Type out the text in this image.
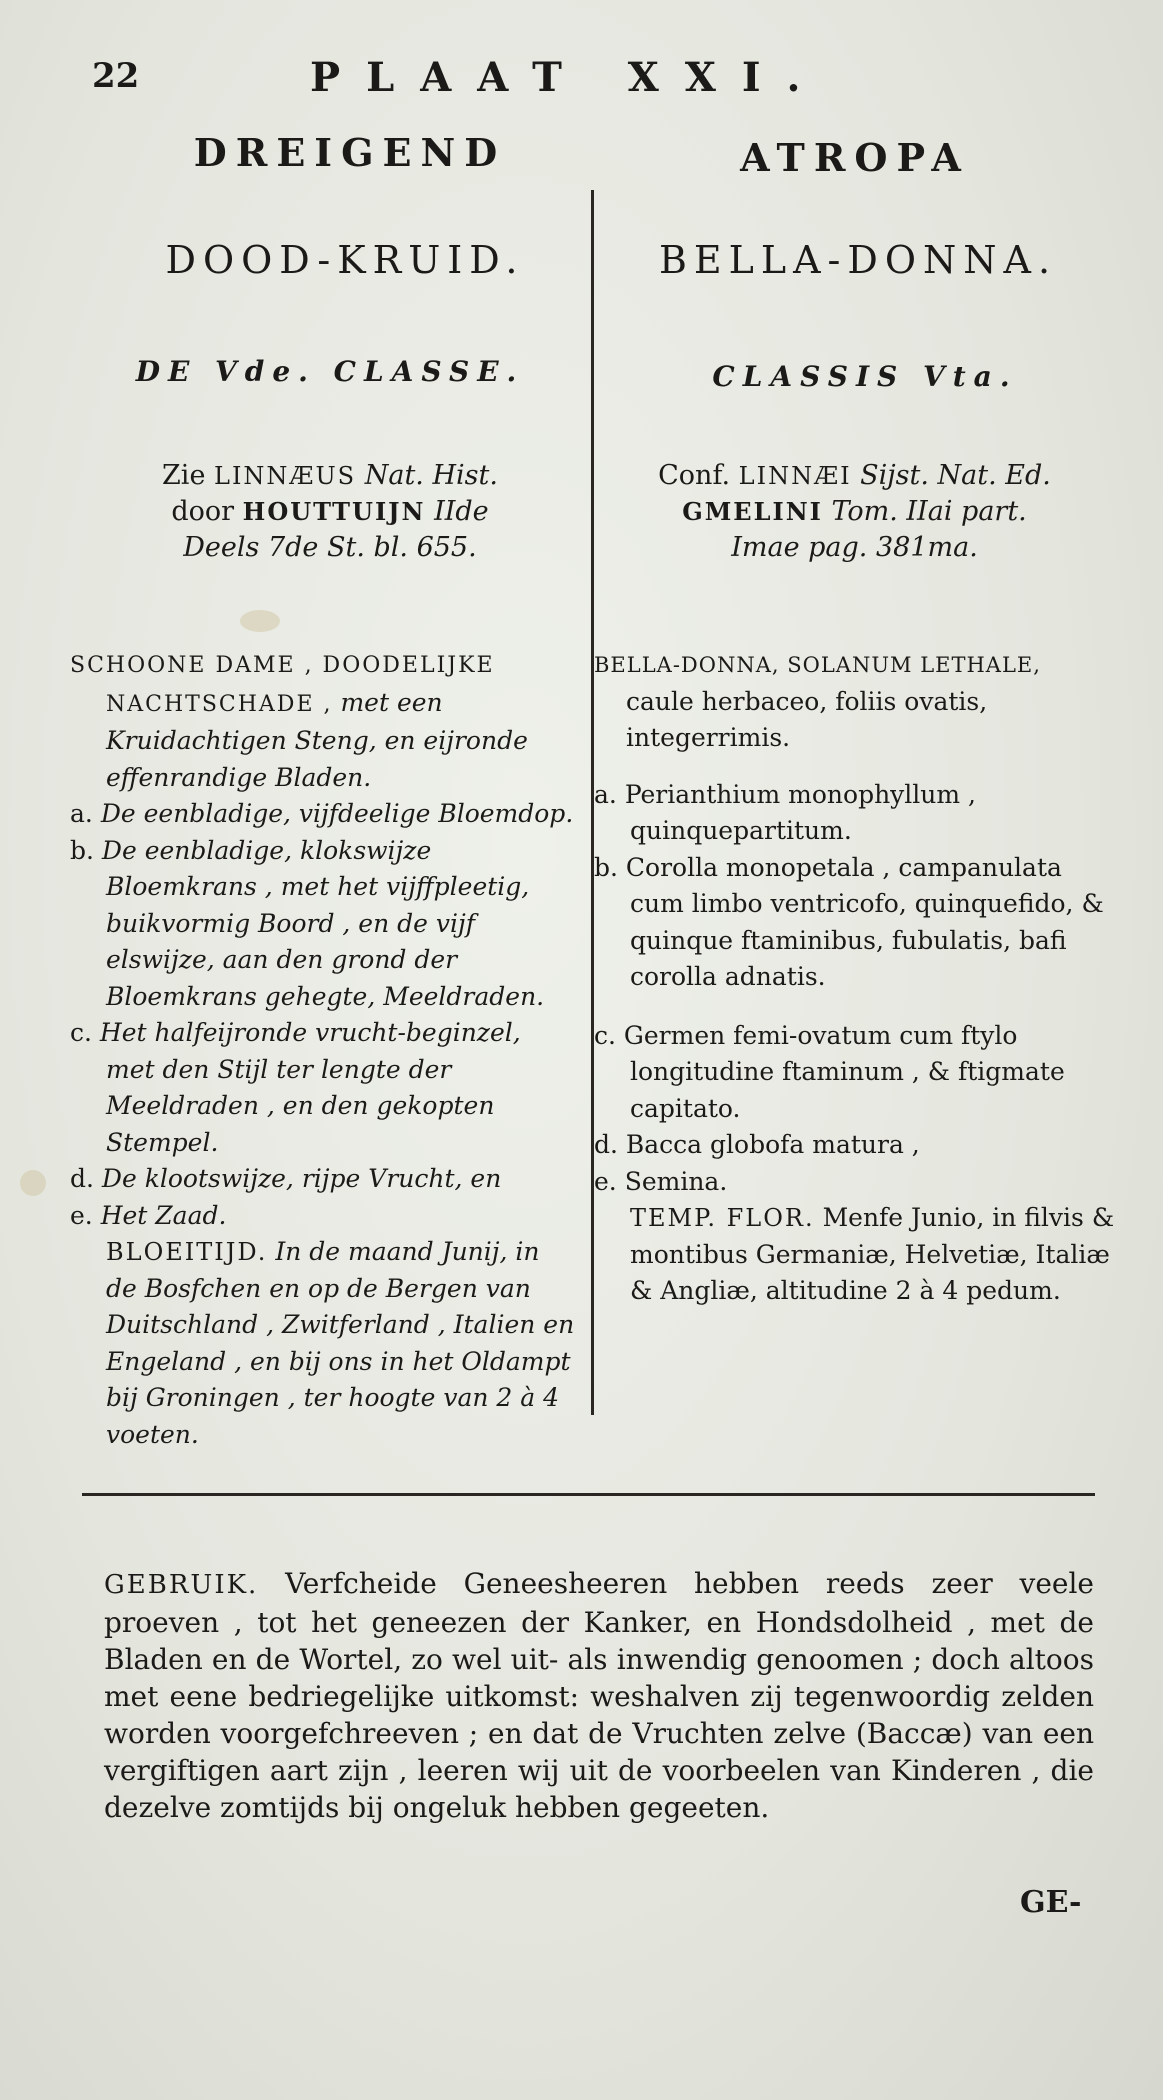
22	PLAAT XXI.
DREIGEND	ATROPA
DOOD-KRUID.	BELLA-DONNA.
DE Vde. CLASSE.	CLASSIS Vta.
Zie LINNÆUS Nat. Hist.
door HOUTTUIJN IIde
Deels 7de St. bl. 655.
Conf. LINNÆI Sijst. Nat. Ed.
GMELINI Tom. IIai part.
Imae pag. 381ma.

SCHOONE DAME , DOODELIJKE NACHTSCHADE , met een Kruidachtigen Steng, en eijronde effenrandige Bladen.

a. De eenbladige, vijfdeelige Bloemdop.

b. De eenbladige, klokswijze Bloemkrans , met het vijffpleetig, buikvormig Boord , en de vijf elswijze, aan den grond der Bloemkrans gehegte, Meeldraden.

c. Het halfeijronde vrucht-beginzel, met den Stijl ter lengte der Meeldraden , en den gekopten Stempel.

d. De klootswijze, rijpe Vrucht, en

e. Het Zaad.

BLOEITIJD. In de maand Junij, in de Bosfchen en op de Bergen van Duitschland , Zwitferland , Italien en Engeland , en bij ons in het Oldampt bij Groningen , ter hoogte van 2 à 4 voeten.

BELLA-DONNA, SOLANUM LETHALE, caule herbaceo, foliis ovatis, integerrimis.

a. Perianthium monophyllum , quinquepartitum.

b. Corolla monopetala , campanulata cum limbo ventricofo, quinquefido, & quinque ftaminibus, fubulatis, bafi corolla adnatis.

c. Germen femi-ovatum cum ftylo longitudine ftaminum , & ftigmate capitato.

d. Bacca globofa matura ,

e. Semina.

TEMP. FLOR. Menfe Junio, in filvis & montibus Germaniæ, Helvetiæ, Italiæ & Angliæ, altitudine 2 à 4 pedum.

GEBRUIK. Verfcheide Geneesheeren hebben reeds zeer veele proeven , tot het geneezen der Kanker, en Hondsdolheid , met de Bladen en de Wortel, zo wel uit- als inwendig genoomen ; doch altoos met eene bedriegelijke uitkomst: weshalven zij tegenwoordig zelden worden voorgefchreeven ; en dat de Vruchten zelve (Baccæ) van een vergiftigen aart zijn , leeren wij uit de voorbeelen van Kinderen , die dezelve zomtijds bij ongeluk hebben gegeeten.
GE-
